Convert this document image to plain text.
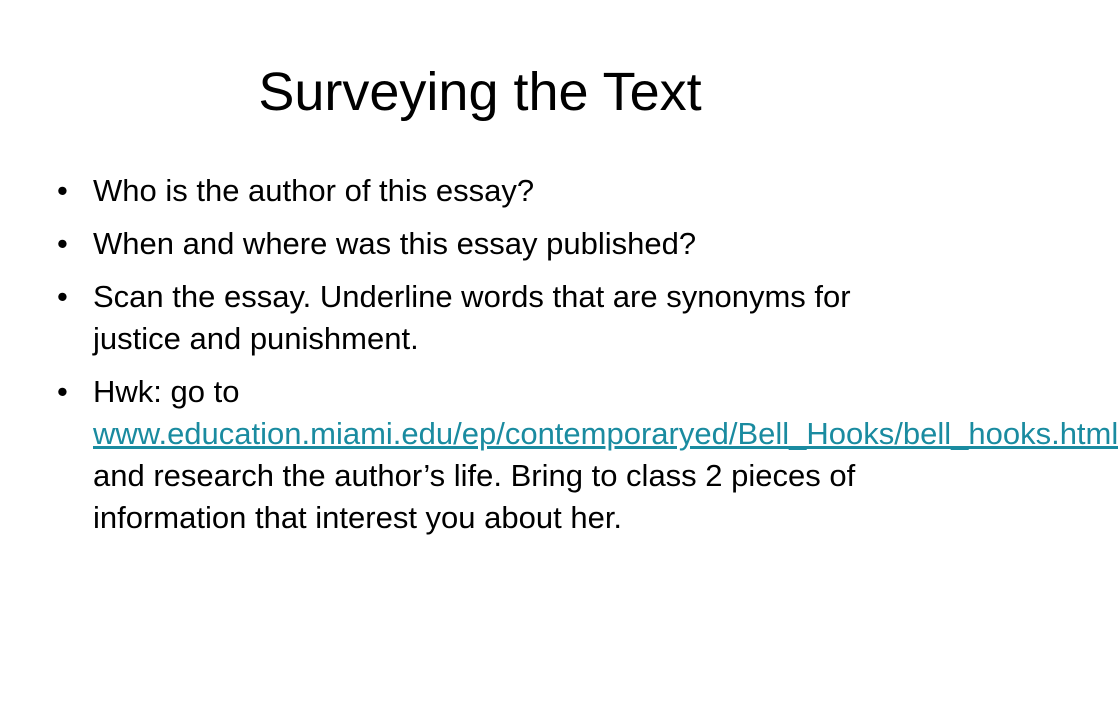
Surveying the Text
• Who is the author of this essay?
• When and where was this essay published?
• Scan the essay. Underline words that are synonyms for justice and punishment.
• Hwk: go to www.education.miami.edu/ep/contemporaryed/Bell_Hooks/bell_hooks.html and research the author’s life. Bring to class 2 pieces of information that interest you about her.
